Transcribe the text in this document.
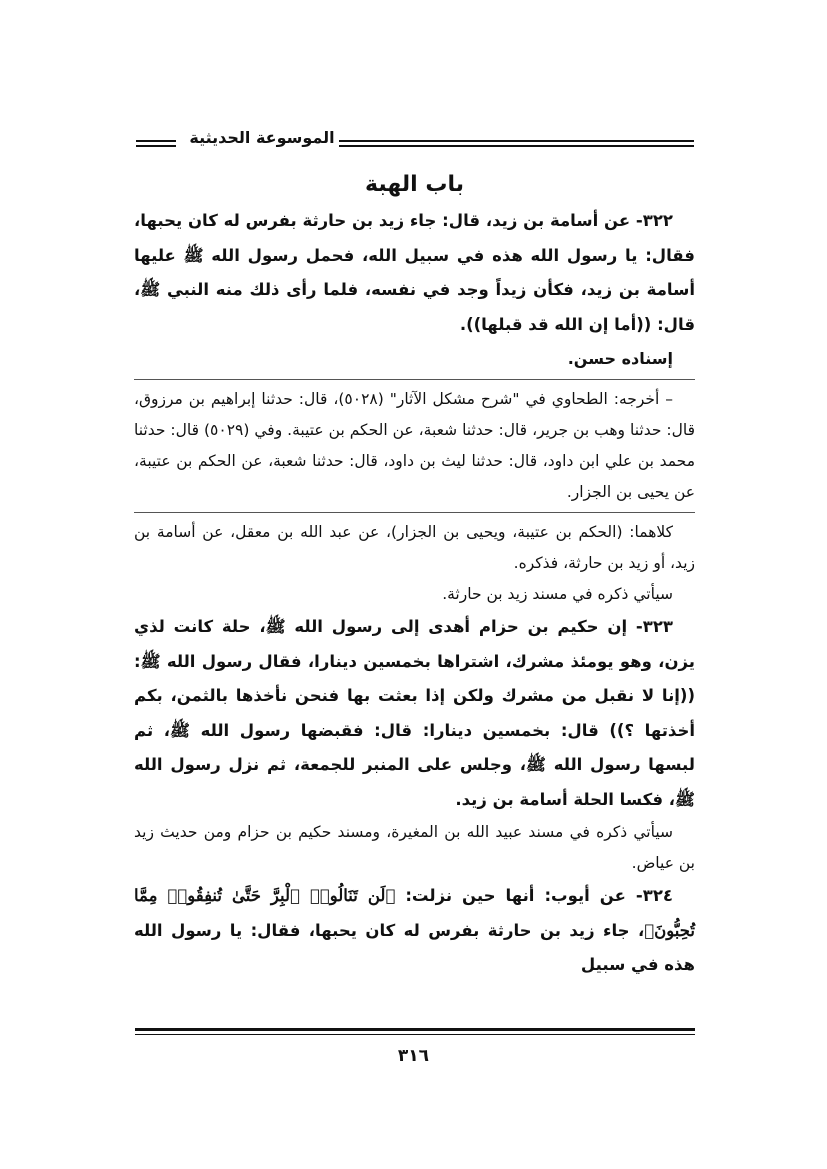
الموسوعة الحديثية
باب الهبة

٣٢٢- عن أسامة بن زيد، قال: جاء زيد بن حارثة بفرس له كان يحبها، فقال: يا رسول الله هذه في سبيل الله، فحمل رسول الله ﷺ عليها أسامة بن زيد، فكأن زيداً وجد في نفسه، فلما رأى ذلك منه النبي ﷺ، قال: ((أما إن الله قد قبلها)).

إسناده حسن.

– أخرجه: الطحاوي في "شرح مشكل الآثار" (٥٠٢٨)، قال: حدثنا إبراهيم بن مرزوق، قال: حدثنا وهب بن جرير، قال: حدثنا شعبة، عن الحكم بن عتيبة. وفي (٥٠٢٩) قال: حدثنا محمد بن علي ابن داود، قال: حدثنا ليث بن داود، قال: حدثنا شعبة، عن الحكم بن عتيبة، عن يحيى بن الجزار.

كلاهما: (الحكم بن عتيبة، ويحيى بن الجزار)، عن عبد الله بن معقل، عن أسامة بن زيد، أو زيد بن حارثة، فذكره.

سيأتي ذكره في مسند زيد بن حارثة.

٣٢٣- إن حكيم بن حزام أهدى إلى رسول الله ﷺ، حلة كانت لذي يزن، وهو يومئذ مشرك، اشتراها بخمسين دينارا، فقال رسول الله ﷺ: ((إنا لا نقبل من مشرك ولكن إذا بعثت بها فنحن نأخذها بالثمن، بكم أخذتها ؟)) قال: بخمسين دينارا: قال: فقبضها رسول الله ﷺ، ثم لبسها رسول الله ﷺ، وجلس على المنبر للجمعة، ثم نزل رسول الله ﷺ، فكسا الحلة أسامة بن زيد.

سيأتي ذكره في مسند عبيد الله بن المغيرة، ومسند حكيم بن حزام ومن حديث زيد بن عياض.

٣٢٤- عن أيوب: أنها حين نزلت: ﴿لَن تَنَالُوا۟ ٱلْبِرَّ حَتَّىٰ تُنفِقُوا۟ مِمَّا تُحِبُّونَ﴾، جاء زيد بن حارثة بفرس له كان يحبها، فقال: يا رسول الله هذه في سبيل

٣١٦
